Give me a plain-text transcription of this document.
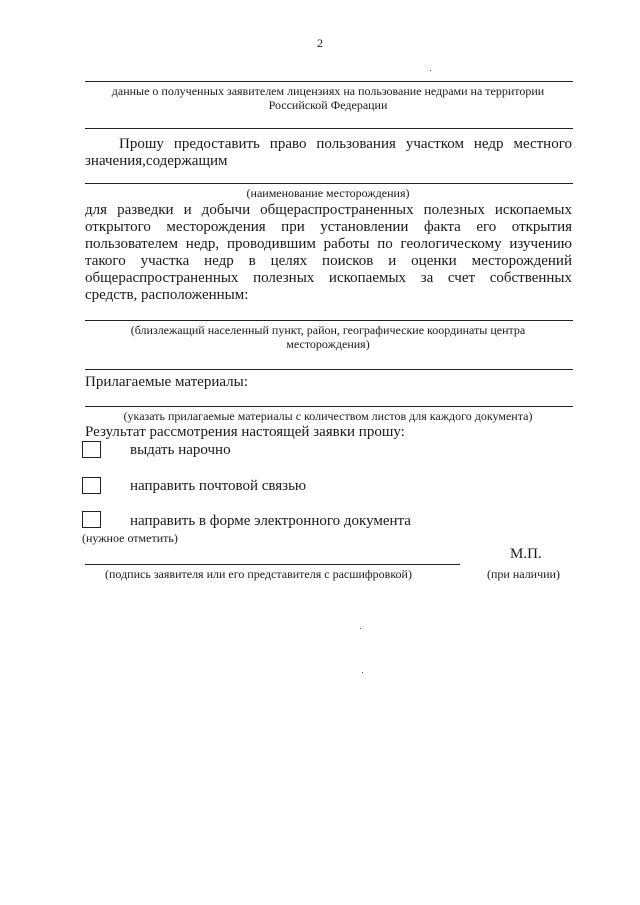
2
данные о полученных заявителем лицензиях на пользование недрами на территории
Российской Федерации
Прошу предоставить право пользования участком недр местного
значения,содержащим
(наименование месторождения)
для разведки и добычи общераспространенных полезных ископаемых
открытого месторождения при установлении факта его открытия
пользователем недр, проводившим работы по геологическому изучению
такого участка недр в целях поисков и оценки месторождений
общераспространенных полезных ископаемых за счет собственных
средств, расположенным:
(близлежащий населенный пункт, район, географические координаты центра
месторождения)
Прилагаемые материалы:
(указать прилагаемые материалы с количеством листов для каждого документа)
Результат рассмотрения настоящей заявки прошу:
выдать нарочно
направить почтовой связью
направить в форме электронного документа
(нужное отметить)
М.П.
(подпись заявителя или его представителя с расшифровкой)	(при наличии)
